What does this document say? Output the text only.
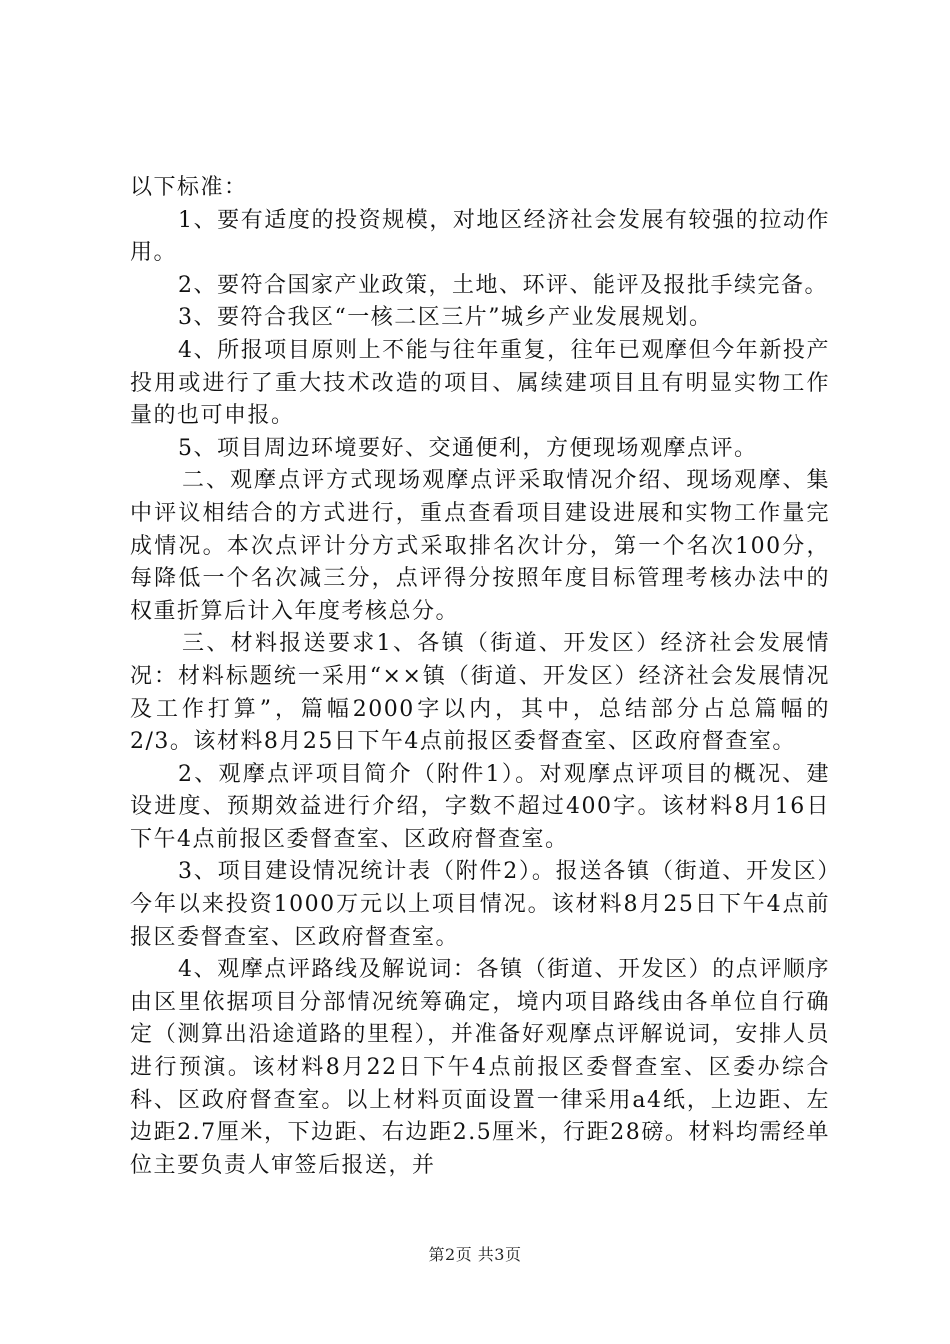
以下标准：

1、要有适度的投资规模，对地区经济社会发展有较强的拉动作用。

2、要符合国家产业政策，土地、环评、能评及报批手续完备。

3、要符合我区“一核二区三片”城乡产业发展规划。

4、所报项目原则上不能与往年重复，往年已观摩但今年新投产投用或进行了重大技术改造的项目、属续建项目且有明显实物工作量的也可申报。

5、项目周边环境要好、交通便利，方便现场观摩点评。

二、观摩点评方式现场观摩点评采取情况介绍、现场观摩、集中评议相结合的方式进行，重点查看项目建设进展和实物工作量完成情况。本次点评计分方式采取排名次计分，第一个名次100分，每降低一个名次减三分，点评得分按照年度目标管理考核办法中的权重折算后计入年度考核总分。

三、材料报送要求1、各镇（街道、开发区）经济社会发展情况：材料标题统一采用“××镇（街道、开发区）经济社会发展情况及工作打算”，篇幅2000字以内，其中，总结部分占总篇幅的2/3。该材料8月25日下午4点前报区委督查室、区政府督查室。

2、观摩点评项目简介（附件1）。对观摩点评项目的概况、建设进度、预期效益进行介绍，字数不超过400字。该材料8月16日下午4点前报区委督查室、区政府督查室。

3、项目建设情况统计表（附件2）。报送各镇（街道、开发区）今年以来投资1000万元以上项目情况。该材料8月25日下午4点前报区委督查室、区政府督查室。

4、观摩点评路线及解说词：各镇（街道、开发区）的点评顺序由区里依据项目分部情况统筹确定，境内项目路线由各单位自行确定（测算出沿途道路的里程），并准备好观摩点评解说词，安排人员进行预演。该材料8月22日下午4点前报区委督查室、区委办综合科、区政府督查室。以上材料页面设置一律采用a4纸，上边距、左边距2.7厘米，下边距、右边距2.5厘米，行距28磅。材料均需经单位主要负责人审签后报送，并

第2页 共3页
